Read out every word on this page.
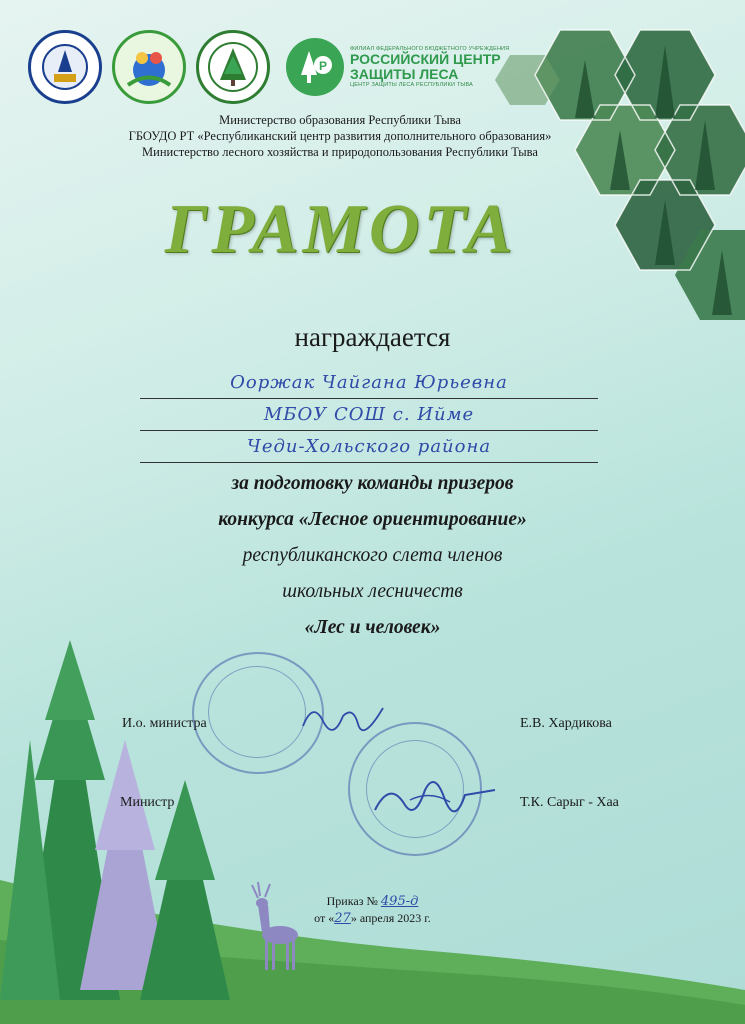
Р
ФИЛИАЛ ФЕДЕРАЛЬНОГО БЮДЖЕТНОГО УЧРЕЖДЕНИЯ
РОССИЙСКИЙ ЦЕНТР
ЗАЩИТЫ ЛЕСА
ЦЕНТР ЗАЩИТЫ ЛЕСА РЕСПУБЛИКИ ТЫВА
Министерство образования Республики Тыва
ГБОУДО РТ «Республиканский центр развития дополнительного образования»
Министерство лесного хозяйства и природопользования Республики Тыва
ГРАМОТА
награждается
Ооржак Чайгана Юрьевна
МБОУ СОШ с. Ийме
Чеди-Хольского района
за подготовку команды призеров
конкурса «Лесное ориентирование»
республиканского слета членов
школьных лесничеств
«Лес и человек»
И.о. министра	Е.В. Хардикова
Министр	Т.К. Сарыг - Хаа
Приказ № 495-д
от «27» апреля 2023 г.
